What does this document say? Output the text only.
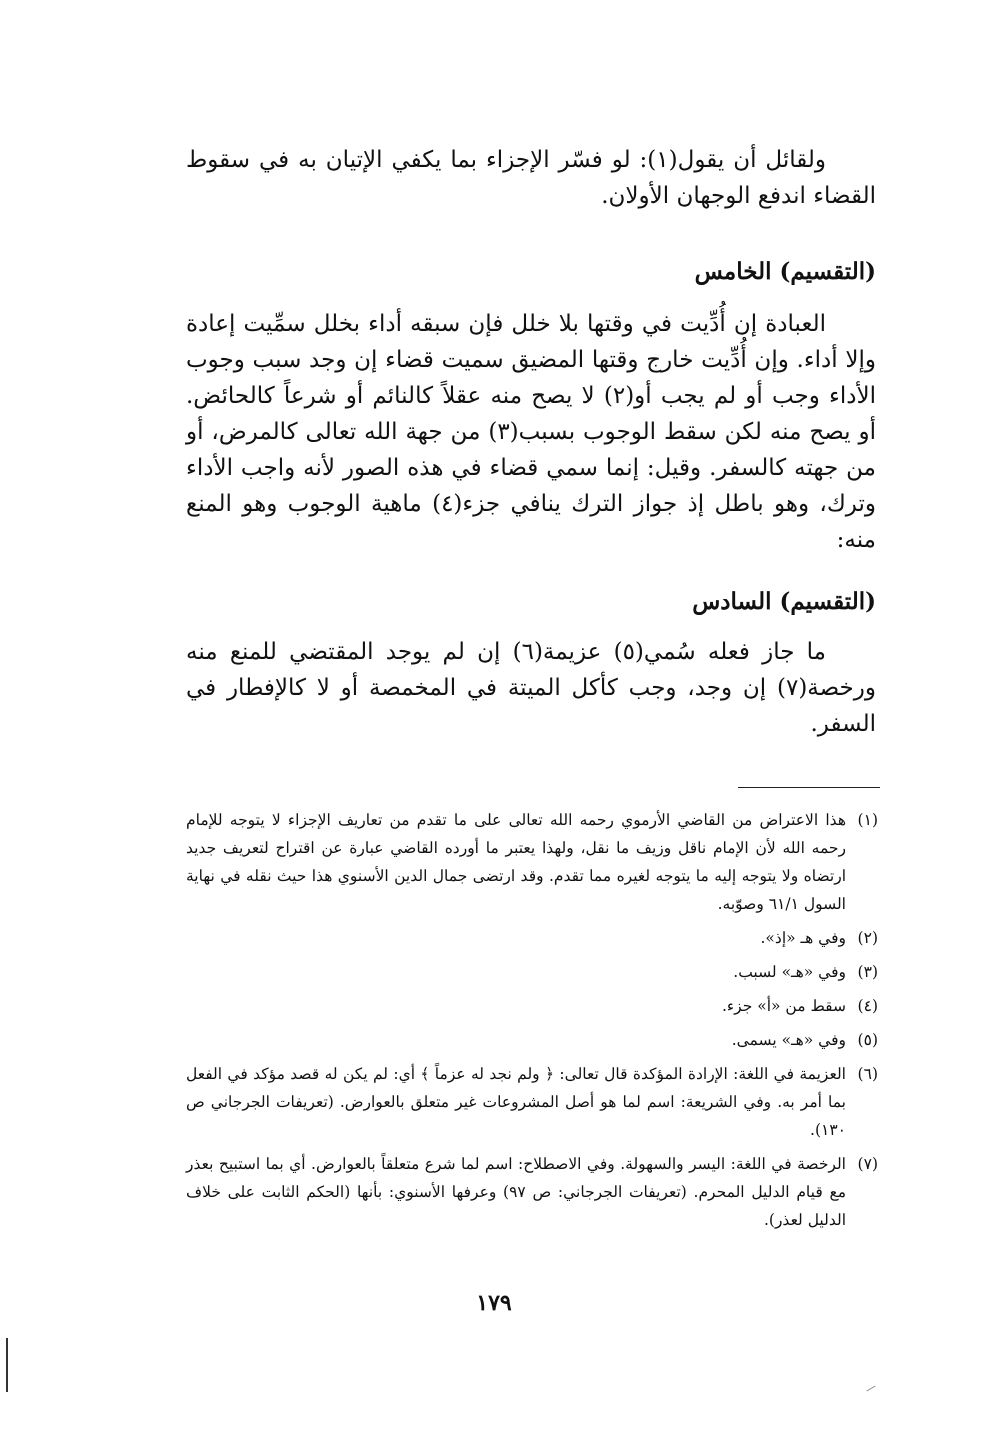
ولقائل أن يقول(١): لو فسّر الإجزاء بما يكفي الإتيان به في سقوط القضاء اندفع الوجهان الأولان.

(التقسيم) الخامس

العبادة إن أُدِّيت في وقتها بلا خلل فإن سبقه أداء بخلل سمِّيت إعادة وإلا أداء. وإن أُدِّيت خارج وقتها المضيق سميت قضاء إن وجد سبب وجوب الأداء وجب أو لم يجب أو(٢) لا يصح منه عقلاً كالنائم أو شرعاً كالحائض. أو يصح منه لكن سقط الوجوب بسبب(٣) من جهة الله تعالى كالمرض، أو من جهته كالسفر. وقيل: إنما سمي قضاء في هذه الصور لأنه واجب الأداء وترك، وهو باطل إذ جواز الترك ينافي جزء(٤) ماهية الوجوب وهو المنع منه:

(التقسيم) السادس

ما جاز فعله سُمي(٥) عزيمة(٦) إن لم يوجد المقتضي للمنع منه ورخصة(٧) إن وجد، وجب كأكل الميتة في المخمصة أو لا كالإفطار في السفر.

(١)هذا الاعتراض من القاضي الأرموي رحمه الله تعالى على ما تقدم من تعاريف الإجزاء لا يتوجه للإمام رحمه الله لأن الإمام ناقل وزيف ما نقل، ولهذا يعتبر ما أورده القاضي عبارة عن اقتراح لتعريف جديد ارتضاه ولا يتوجه إليه ما يتوجه لغيره مما تقدم. وقد ارتضى جمال الدين الأسنوي هذا حيث نقله في نهاية السول ٦١/١ وصوّبه.

(٢)وفي هـ «إذ».

(٣)وفي «هـ» لسبب.

(٤)سقط من «أ» جزء.

(٥)وفي «هـ» يسمى.

(٦)العزيمة في اللغة: الإرادة المؤكدة قال تعالى: ﴿ ولم نجد له عزماً ﴾ أي: لم يكن له قصد مؤكد في الفعل بما أمر به. وفي الشريعة: اسم لما هو أصل المشروعات غير متعلق بالعوارض. (تعريفات الجرجاني ص ١٣٠).

(٧)الرخصة في اللغة: اليسر والسهولة. وفي الاصطلاح: اسم لما شرع متعلقاً بالعوارض. أي بما استبيح بعذر مع قيام الدليل المحرم. (تعريفات الجرجاني: ص ٩٧) وعرفها الأسنوي: بأنها (الحكم الثابت على خلاف الدليل لعذر).

١٧٩
